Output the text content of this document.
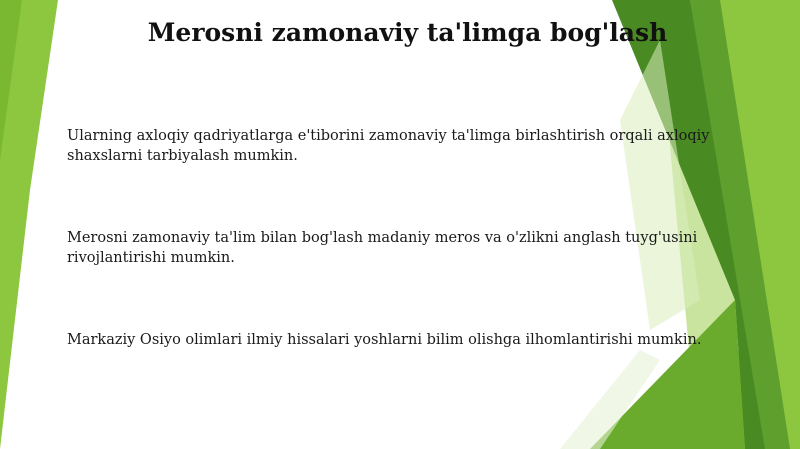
Merosni zamonaviy ta'limga bog'lash

Ularning axloqiy qadriyatlarga e'tiborini zamonaviy ta'limga birlashtirish orqali axloqiy shaxslarni tarbiyalash mumkin.

Merosni zamonaviy ta'lim bilan bog'lash madaniy meros va o'zlikni anglash tuyg'usini rivojlantirishi mumkin.

Markaziy Osiyo olimlari ilmiy hissalari yoshlarni bilim olishga ilhomlantirishi mumkin.
